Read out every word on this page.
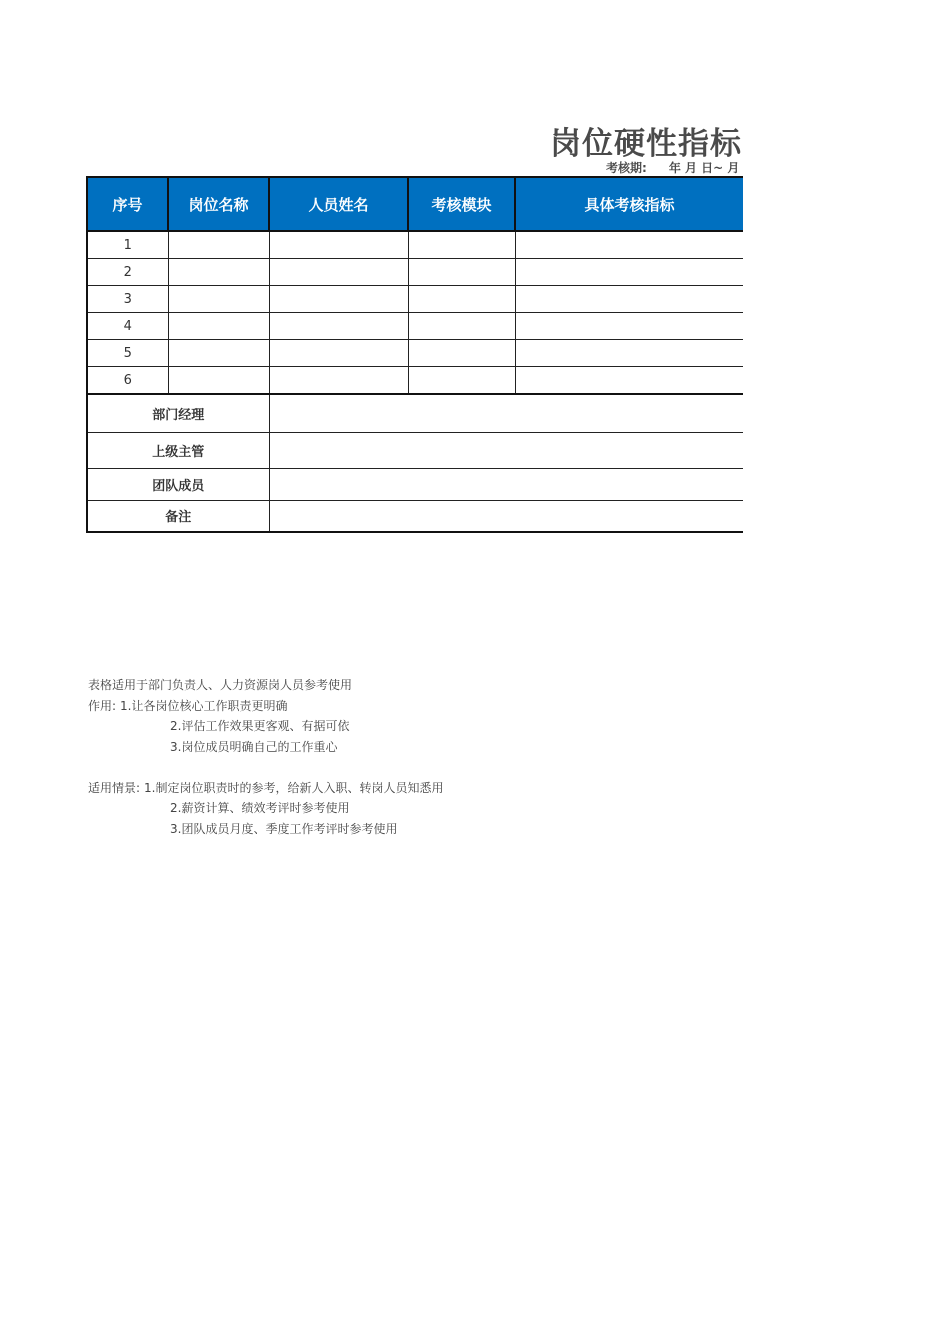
岗位硬性指标
考核期: 年 月 日~ 月
序号	岗位名称	人员姓名	考核模块	具体考核指标	
1					
2					
3					
4					
5					
6					
部门经理					
上级主管					
团队成员					
备注					
表格适用于部门负责人、人力资源岗人员参考使用
作用: 1.让各岗位核心工作职责更明确
2.评估工作效果更客观、有据可依
3.岗位成员明确自己的工作重心
适用情景: 1.制定岗位职责时的参考，给新人入职、转岗人员知悉用
2.薪资计算、绩效考评时参考使用
3.团队成员月度、季度工作考评时参考使用
